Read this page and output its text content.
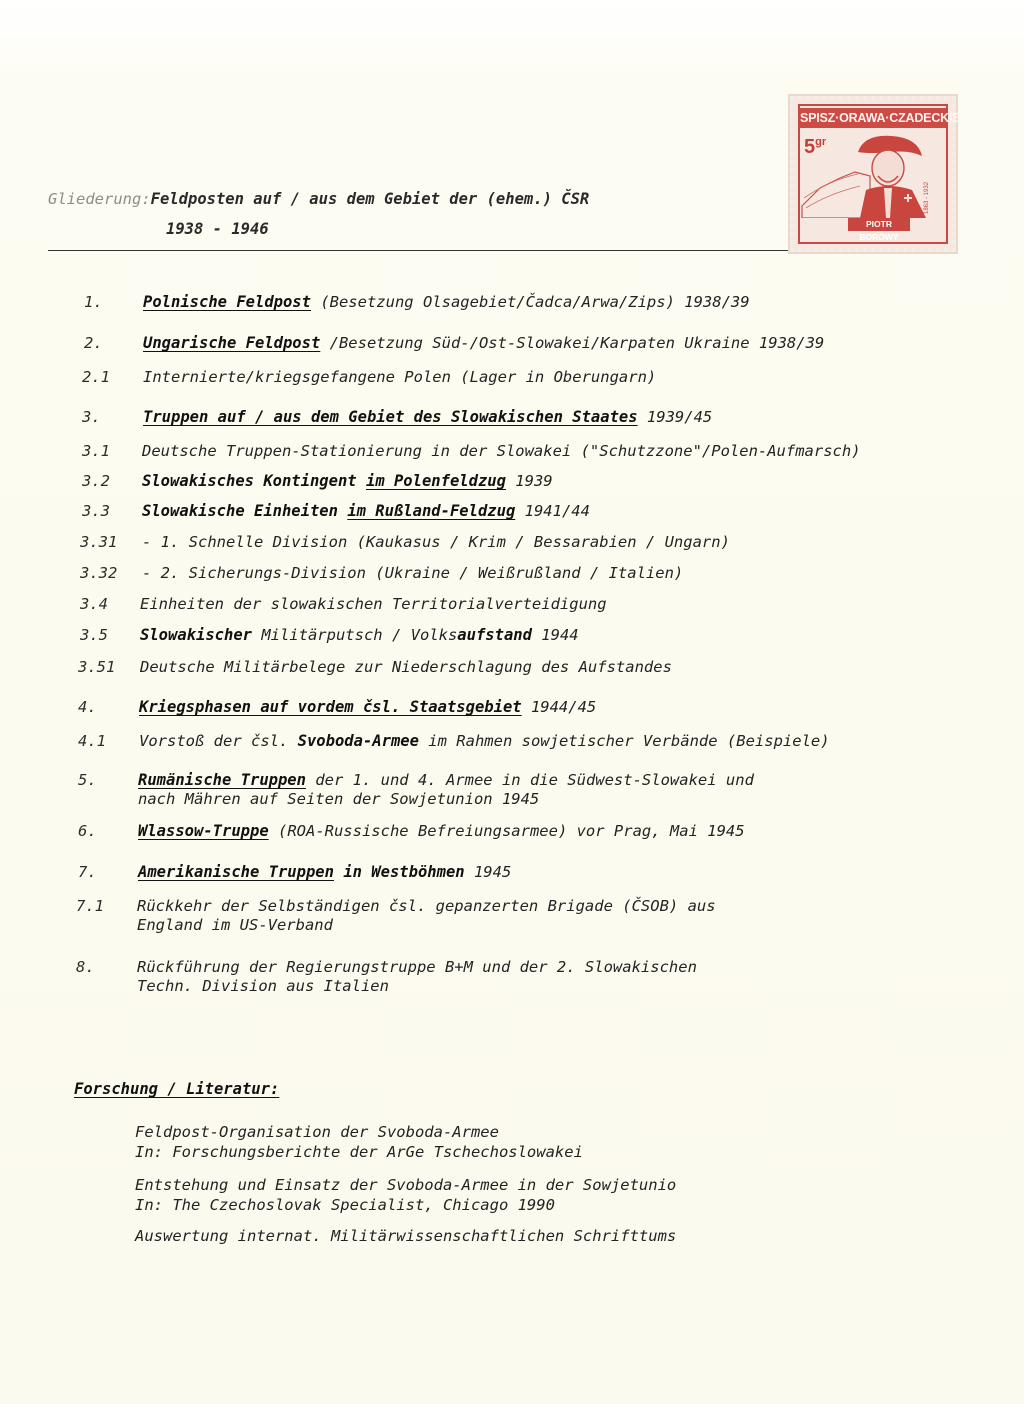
Gliederung:Feldposten auf / aus dem Gebiet der (ehem.) ČSR
1938 - 1946
1863 - 1932
SPISZ·ORAWA·CZADECKIE
$5^{gr}$
PIOTR BOROWY
1.	Polnische Feldpost (Besetzung Olsagebiet/Čadca/Arwa/Zips) 1938/39
2.	Ungarische Feldpost /Besetzung Süd-/Ost-Slowakei/Karpaten Ukraine 1938/39
2.1 Internierte/kriegsgefangene Polen (Lager in Oberungarn)
3.	Truppen auf / aus dem Gebiet des Slowakischen Staates 1939/45
3.1 Deutsche Truppen-Stationierung in der Slowakei ("Schutzzone"/Polen-Aufmarsch)
3.2 Slowakisches Kontingent im Polenfeldzug 1939
3.3 Slowakische Einheiten im Rußland-Feldzug 1941/44
3.31 - 1. Schnelle Division (Kaukasus / Krim / Bessarabien / Ungarn)
3.32 - 2. Sicherungs-Division (Ukraine / Weißrußland / Italien)
3.4 Einheiten der slowakischen Territorialverteidigung
3.5 Slowakischer Militärputsch / Volksaufstand 1944
3.51 Deutsche Militärbelege zur Niederschlagung des Aufstandes
4.	Kriegsphasen auf vordem čsl. Staatsgebiet 1944/45
4.1 Vorstoß der čsl. Svoboda-Armee im Rahmen sowjetischer Verbände (Beispiele)
5.	Rumänische Truppen der 1. und 4. Armee in die Südwest-Slowakei und
nach Mähren auf Seiten der Sowjetunion 1945
6.	Wlassow-Truppe (ROA-Russische Befreiungsarmee) vor Prag, Mai 1945
7.	Amerikanische Truppen in Westböhmen 1945
7.1 Rückkehr der Selbständigen čsl. gepanzerten Brigade (ČSOB) aus
England im US-Verband
8.	Rückführung der Regierungstruppe B+M und der 2. Slowakischen
Techn. Division aus Italien
Forschung / Literatur:
Feldpost-Organisation der Svoboda-Armee
In: Forschungsberichte der ArGe Tschechoslowakei
Entstehung und Einsatz der Svoboda-Armee in der Sowjetunio
In: The Czechoslovak Specialist, Chicago 1990
Auswertung internat. Militärwissenschaftlichen Schrifttums
